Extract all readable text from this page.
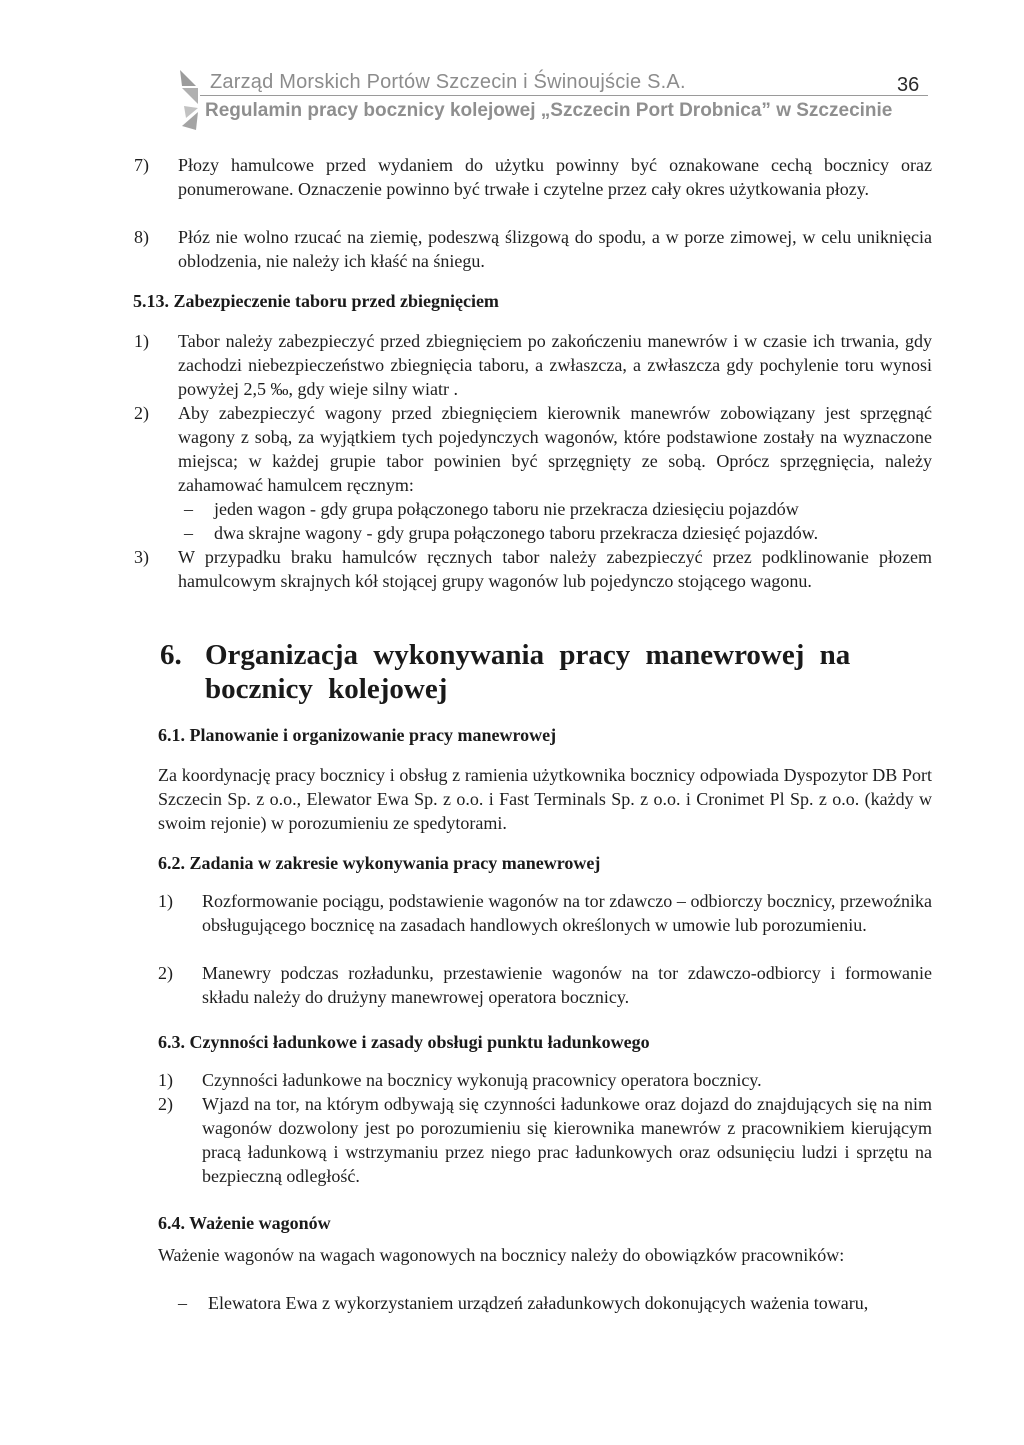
Zarząd Morskich Portów Szczecin i Świnoujście S.A.	36
Regulamin pracy bocznicy kolejowej „Szczecin Port Drobnica” w Szczecinie
7) Płozy hamulcowe przed wydaniem do użytku powinny być oznakowane cechą bocznicy oraz ponumerowane. Oznaczenie powinno być trwałe i czytelne przez cały okres użytkowania płozy.
8) Płóz nie wolno rzucać na ziemię, podeszwą ślizgową do spodu, a w porze zimowej, w celu uniknięcia oblodzenia, nie należy ich kłaść na śniegu.
5.13. Zabezpieczenie taboru przed zbiegnięciem
1) Tabor należy zabezpieczyć przed zbiegnięciem po zakończeniu manewrów i w czasie ich trwania, gdy zachodzi niebezpieczeństwo zbiegnięcia taboru, a zwłaszcza, a zwłaszcza gdy pochylenie toru wynosi powyżej 2,5 ‰, gdy wieje silny wiatr .
2) Aby zabezpieczyć wagony przed zbiegnięciem kierownik manewrów zobowiązany jest sprzęgnąć wagony z sobą, za wyjątkiem tych pojedynczych wagonów, które podstawione zostały na wyznaczone miejsca; w każdej grupie tabor powinien być sprzęgnięty ze sobą. Oprócz sprzęgnięcia, należy zahamować hamulcem ręcznym:
– jeden wagon - gdy grupa połączonego taboru nie przekracza dziesięciu pojazdów
– dwa skrajne wagony - gdy grupa połączonego taboru przekracza dziesięć pojazdów.
3) W przypadku braku hamulców ręcznych tabor należy zabezpieczyć przez podklinowanie płozem hamulcowym skrajnych kół stojącej grupy wagonów lub pojedynczo stojącego wagonu.
6. Organizacja wykonywania pracy manewrowej na bocznicy kolejowej
6.1. Planowanie i organizowanie pracy manewrowej
Za koordynację pracy bocznicy i obsług z ramienia użytkownika bocznicy odpowiada Dyspozytor DB Port Szczecin Sp. z o.o., Elewator Ewa Sp. z o.o. i Fast Terminals Sp. z o.o. i Cronimet Pl Sp. z o.o. (każdy w swoim rejonie) w porozumieniu ze spedytorami.
6.2. Zadania w zakresie wykonywania pracy manewrowej
1) Rozformowanie pociągu, podstawienie wagonów na tor zdawczo – odbiorczy bocznicy, przewoźnika obsługującego bocznicę na zasadach handlowych określonych w umowie lub porozumieniu.
2) Manewry podczas rozładunku, przestawienie wagonów na tor zdawczo-odbiorcy i formowanie składu należy do drużyny manewrowej operatora bocznicy.
6.3. Czynności ładunkowe i zasady obsługi punktu ładunkowego
1) Czynności ładunkowe na bocznicy wykonują pracownicy operatora bocznicy.
2) Wjazd na tor, na którym odbywają się czynności ładunkowe oraz dojazd do znajdujących się na nim wagonów dozwolony jest po porozumieniu się kierownika manewrów z pracownikiem kierującym pracą ładunkową i wstrzymaniu przez niego prac ładunkowych oraz odsunięciu ludzi i sprzętu na bezpieczną odległość.
6.4. Ważenie wagonów
Ważenie wagonów na wagach wagonowych na bocznicy należy do obowiązków pracowników:
– Elewatora Ewa z wykorzystaniem urządzeń załadunkowych dokonujących ważenia towaru,
